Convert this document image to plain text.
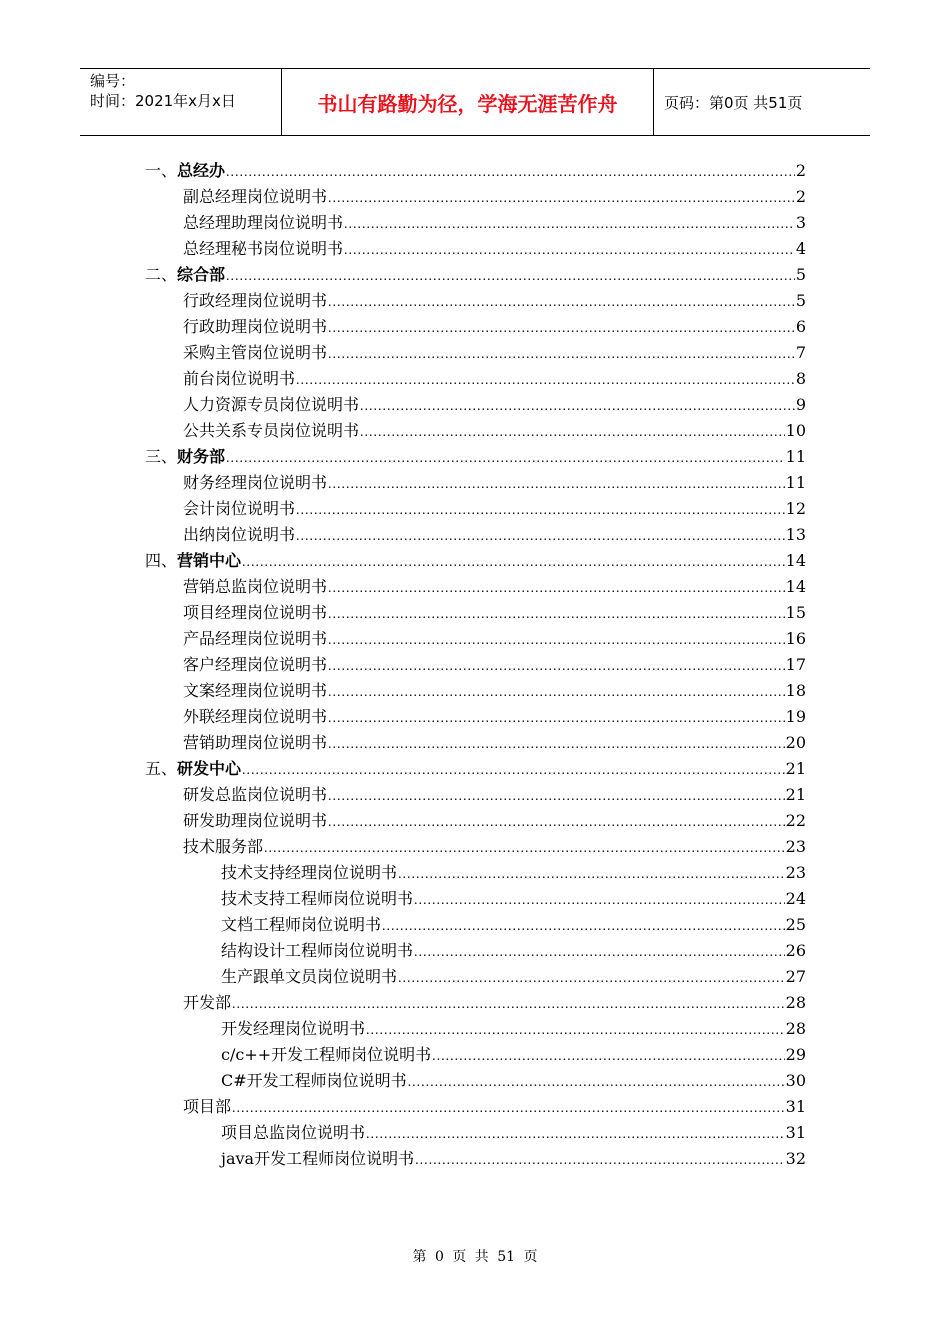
编号：
时间：2021年x月x日	书山有路勤为径，学海无涯苦作舟	页码：第0页 共51页
一、 总经办 .....	2
副总经理岗位说明书 .....	2
总经理助理岗位说明书 .....	3
总经理秘书岗位说明书 .....	4
二、 综合部 .....	5
行政经理岗位说明书 .....	5
行政助理岗位说明书 .....	6
采购主管岗位说明书 .....	7
前台岗位说明书 .....	8
人力资源专员岗位说明书 .....	9
公共关系专员岗位说明书 .....	10
三、 财务部 .....	11
财务经理岗位说明书 .....	11
会计岗位说明书 .....	12
出纳岗位说明书 .....	13
四、 营销中心 .....	14
营销总监岗位说明书 .....	14
项目经理岗位说明书 .....	15
产品经理岗位说明书 .....	16
客户经理岗位说明书 .....	17
文案经理岗位说明书 .....	18
外联经理岗位说明书 .....	19
营销助理岗位说明书 .....	20
五、 研发中心 .....	21
研发总监岗位说明书 .....	21
研发助理岗位说明书 .....	22
技术服务部 .....	23
技术支持经理岗位说明书 .....	23
技术支持工程师岗位说明书 .....	24
文档工程师岗位说明书 .....	25
结构设计工程师岗位说明书 .....	26
生产跟单文员岗位说明书 .....	27
开发部 .....	28
开发经理岗位说明书 .....	28
c/c++开发工程师岗位说明书 .....	29
C#开发工程师岗位说明书 .....	30
项目部 .....	31
项目总监岗位说明书 .....	31
java开发工程师岗位说明书 .....	32
第 0 页 共 51 页
